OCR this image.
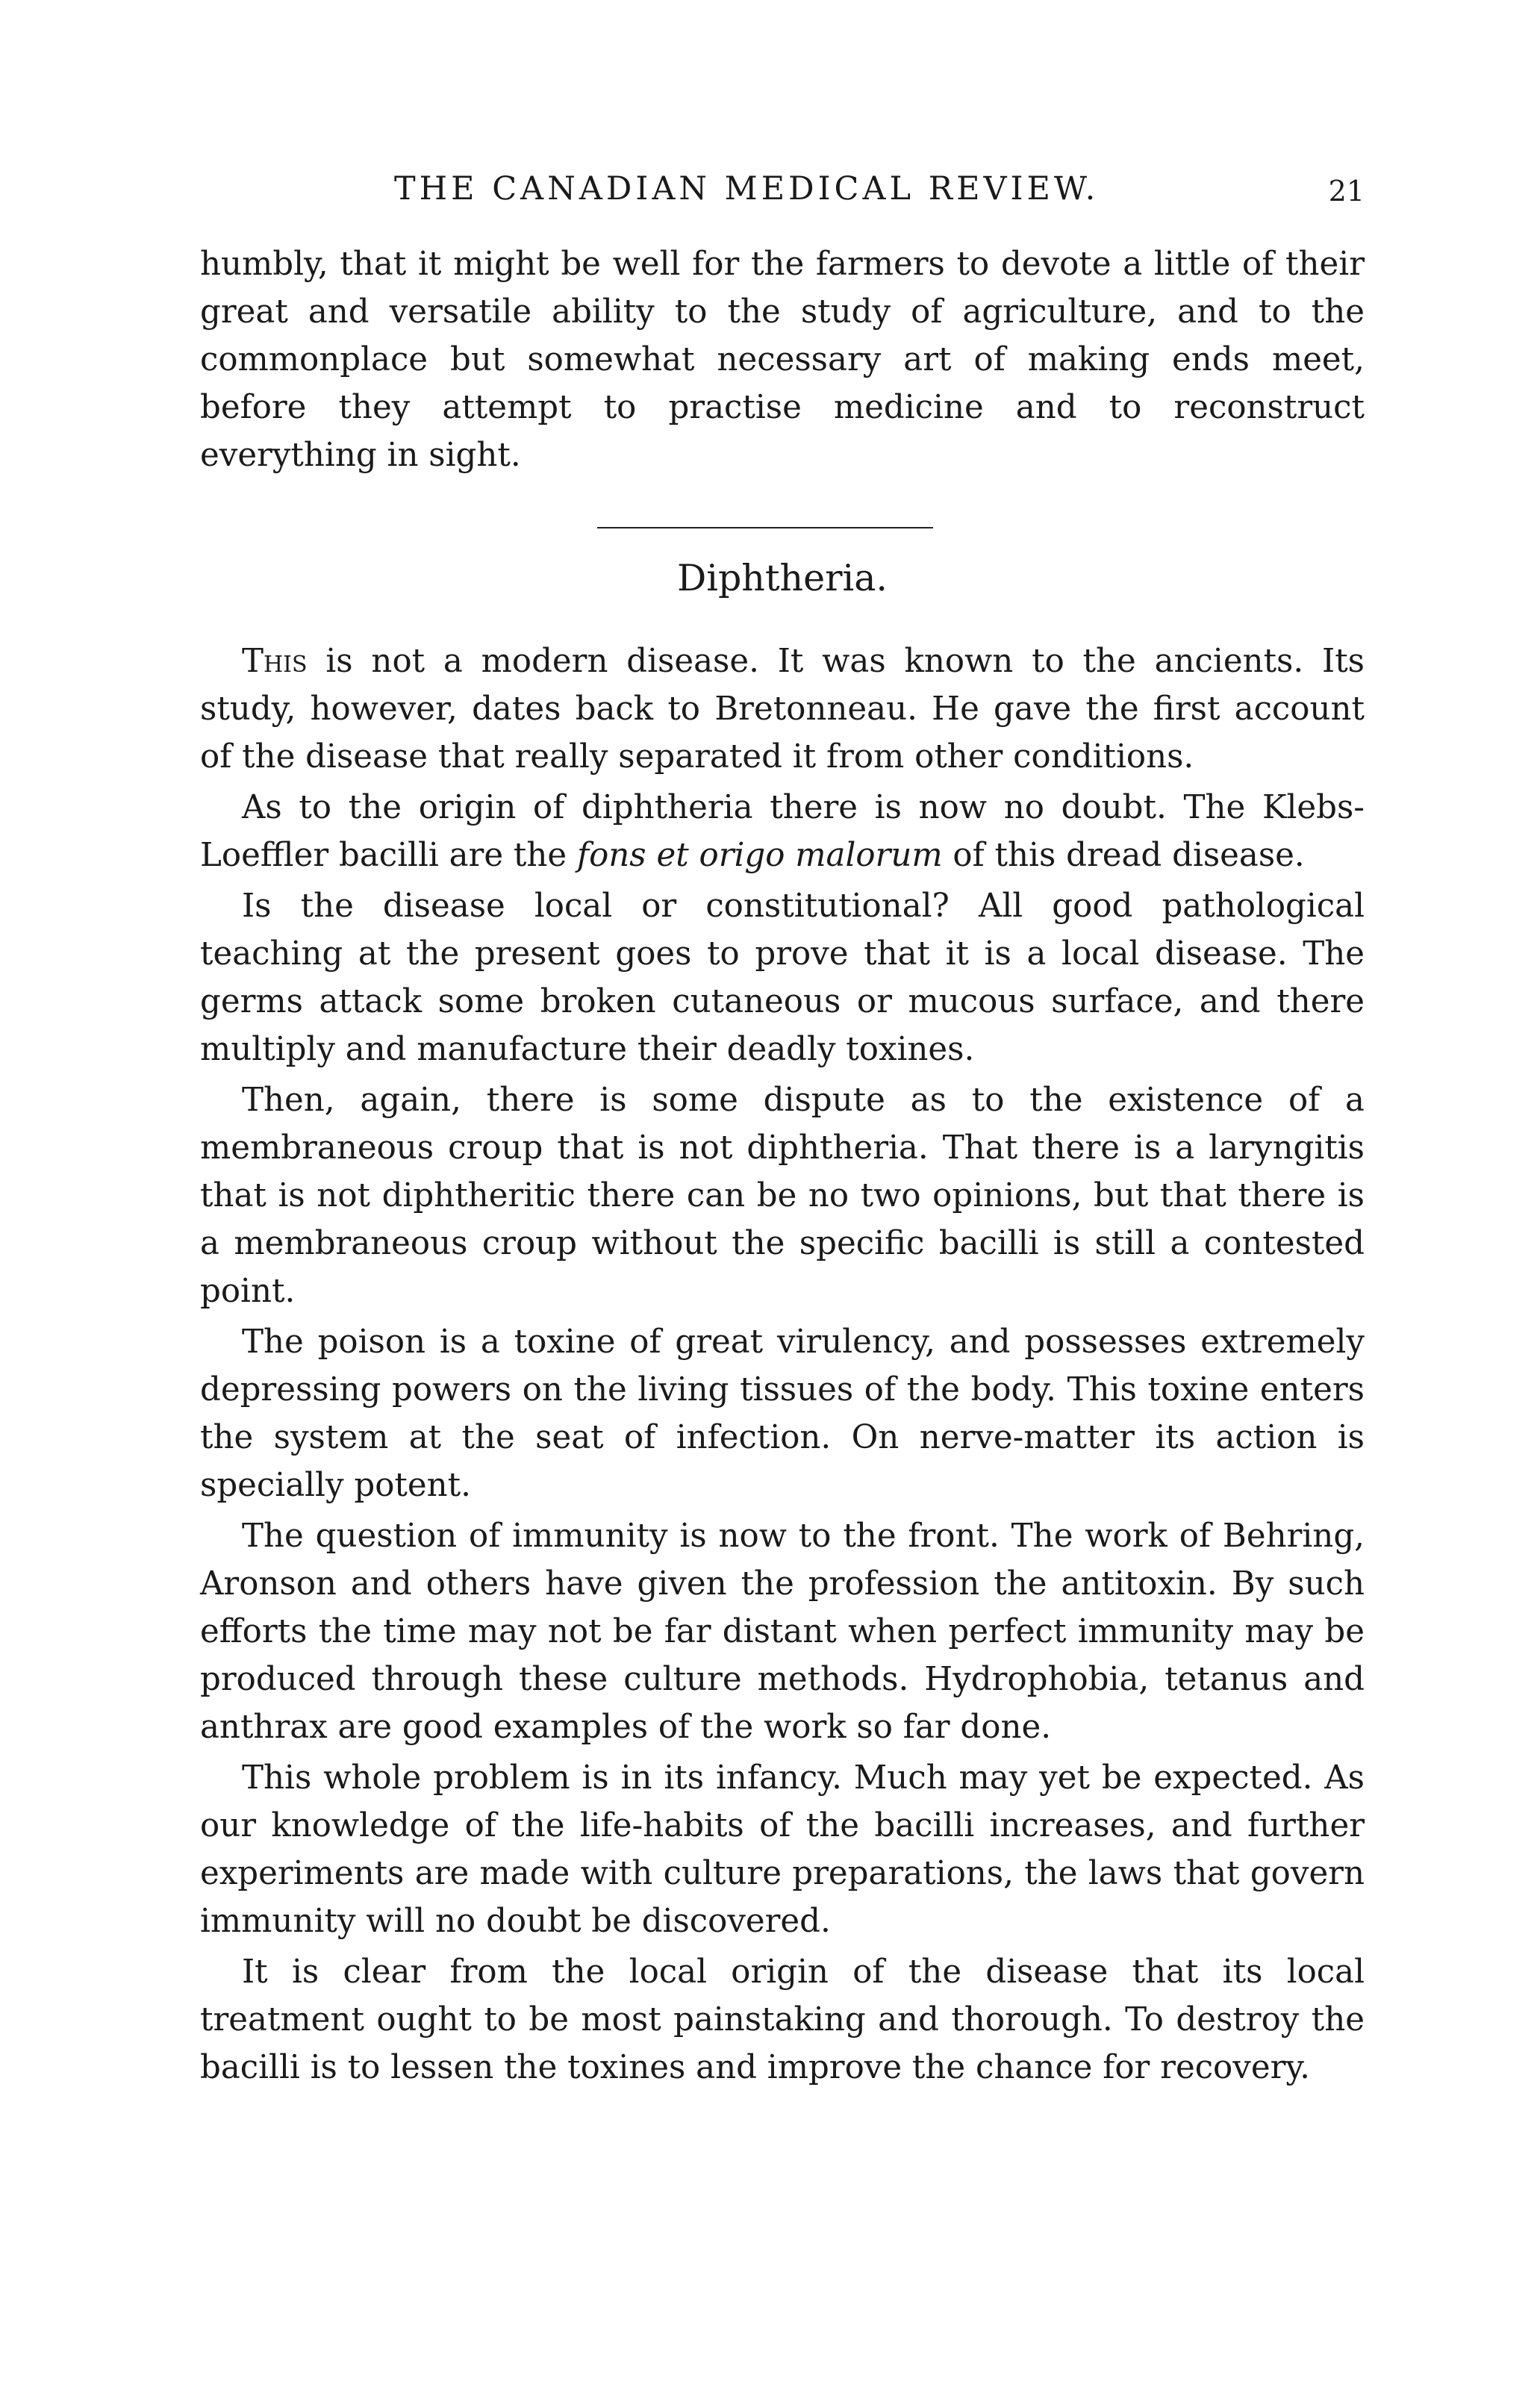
THE CANADIAN MEDICAL REVIEW.	21

humbly, that it might be well for the farmers to devote a little of their great and versatile ability to the study of agriculture, and to the commonplace but somewhat necessary art of making ends meet, before they attempt to practise medicine and to reconstruct everything in sight.

Diphtheria.

This is not a modern disease. It was known to the ancients. Its study, however, dates back to Bretonneau. He gave the first account of the disease that really separated it from other conditions.

As to the origin of diphtheria there is now no doubt. The Klebs-Loeffler bacilli are the fons et origo malorum of this dread disease.

Is the disease local or constitutional? All good pathological teaching at the present goes to prove that it is a local disease. The germs attack some broken cutaneous or mucous surface, and there multiply and manufacture their deadly toxines.

Then, again, there is some dispute as to the existence of a membraneous croup that is not diphtheria. That there is a laryngitis that is not diphtheritic there can be no two opinions, but that there is a membraneous croup without the specific bacilli is still a contested point.

The poison is a toxine of great virulency, and possesses extremely depressing powers on the living tissues of the body. This toxine enters the system at the seat of infection. On nerve-matter its action is specially potent.

The question of immunity is now to the front. The work of Behring, Aronson and others have given the profession the antitoxin. By such efforts the time may not be far distant when perfect immunity may be produced through these culture methods. Hydrophobia, tetanus and anthrax are good examples of the work so far done.

This whole problem is in its infancy. Much may yet be expected. As our knowledge of the life-habits of the bacilli increases, and further experiments are made with culture preparations, the laws that govern immunity will no doubt be discovered.

It is clear from the local origin of the disease that its local treatment ought to be most painstaking and thorough. To destroy the bacilli is to lessen the toxines and improve the chance for recovery.
